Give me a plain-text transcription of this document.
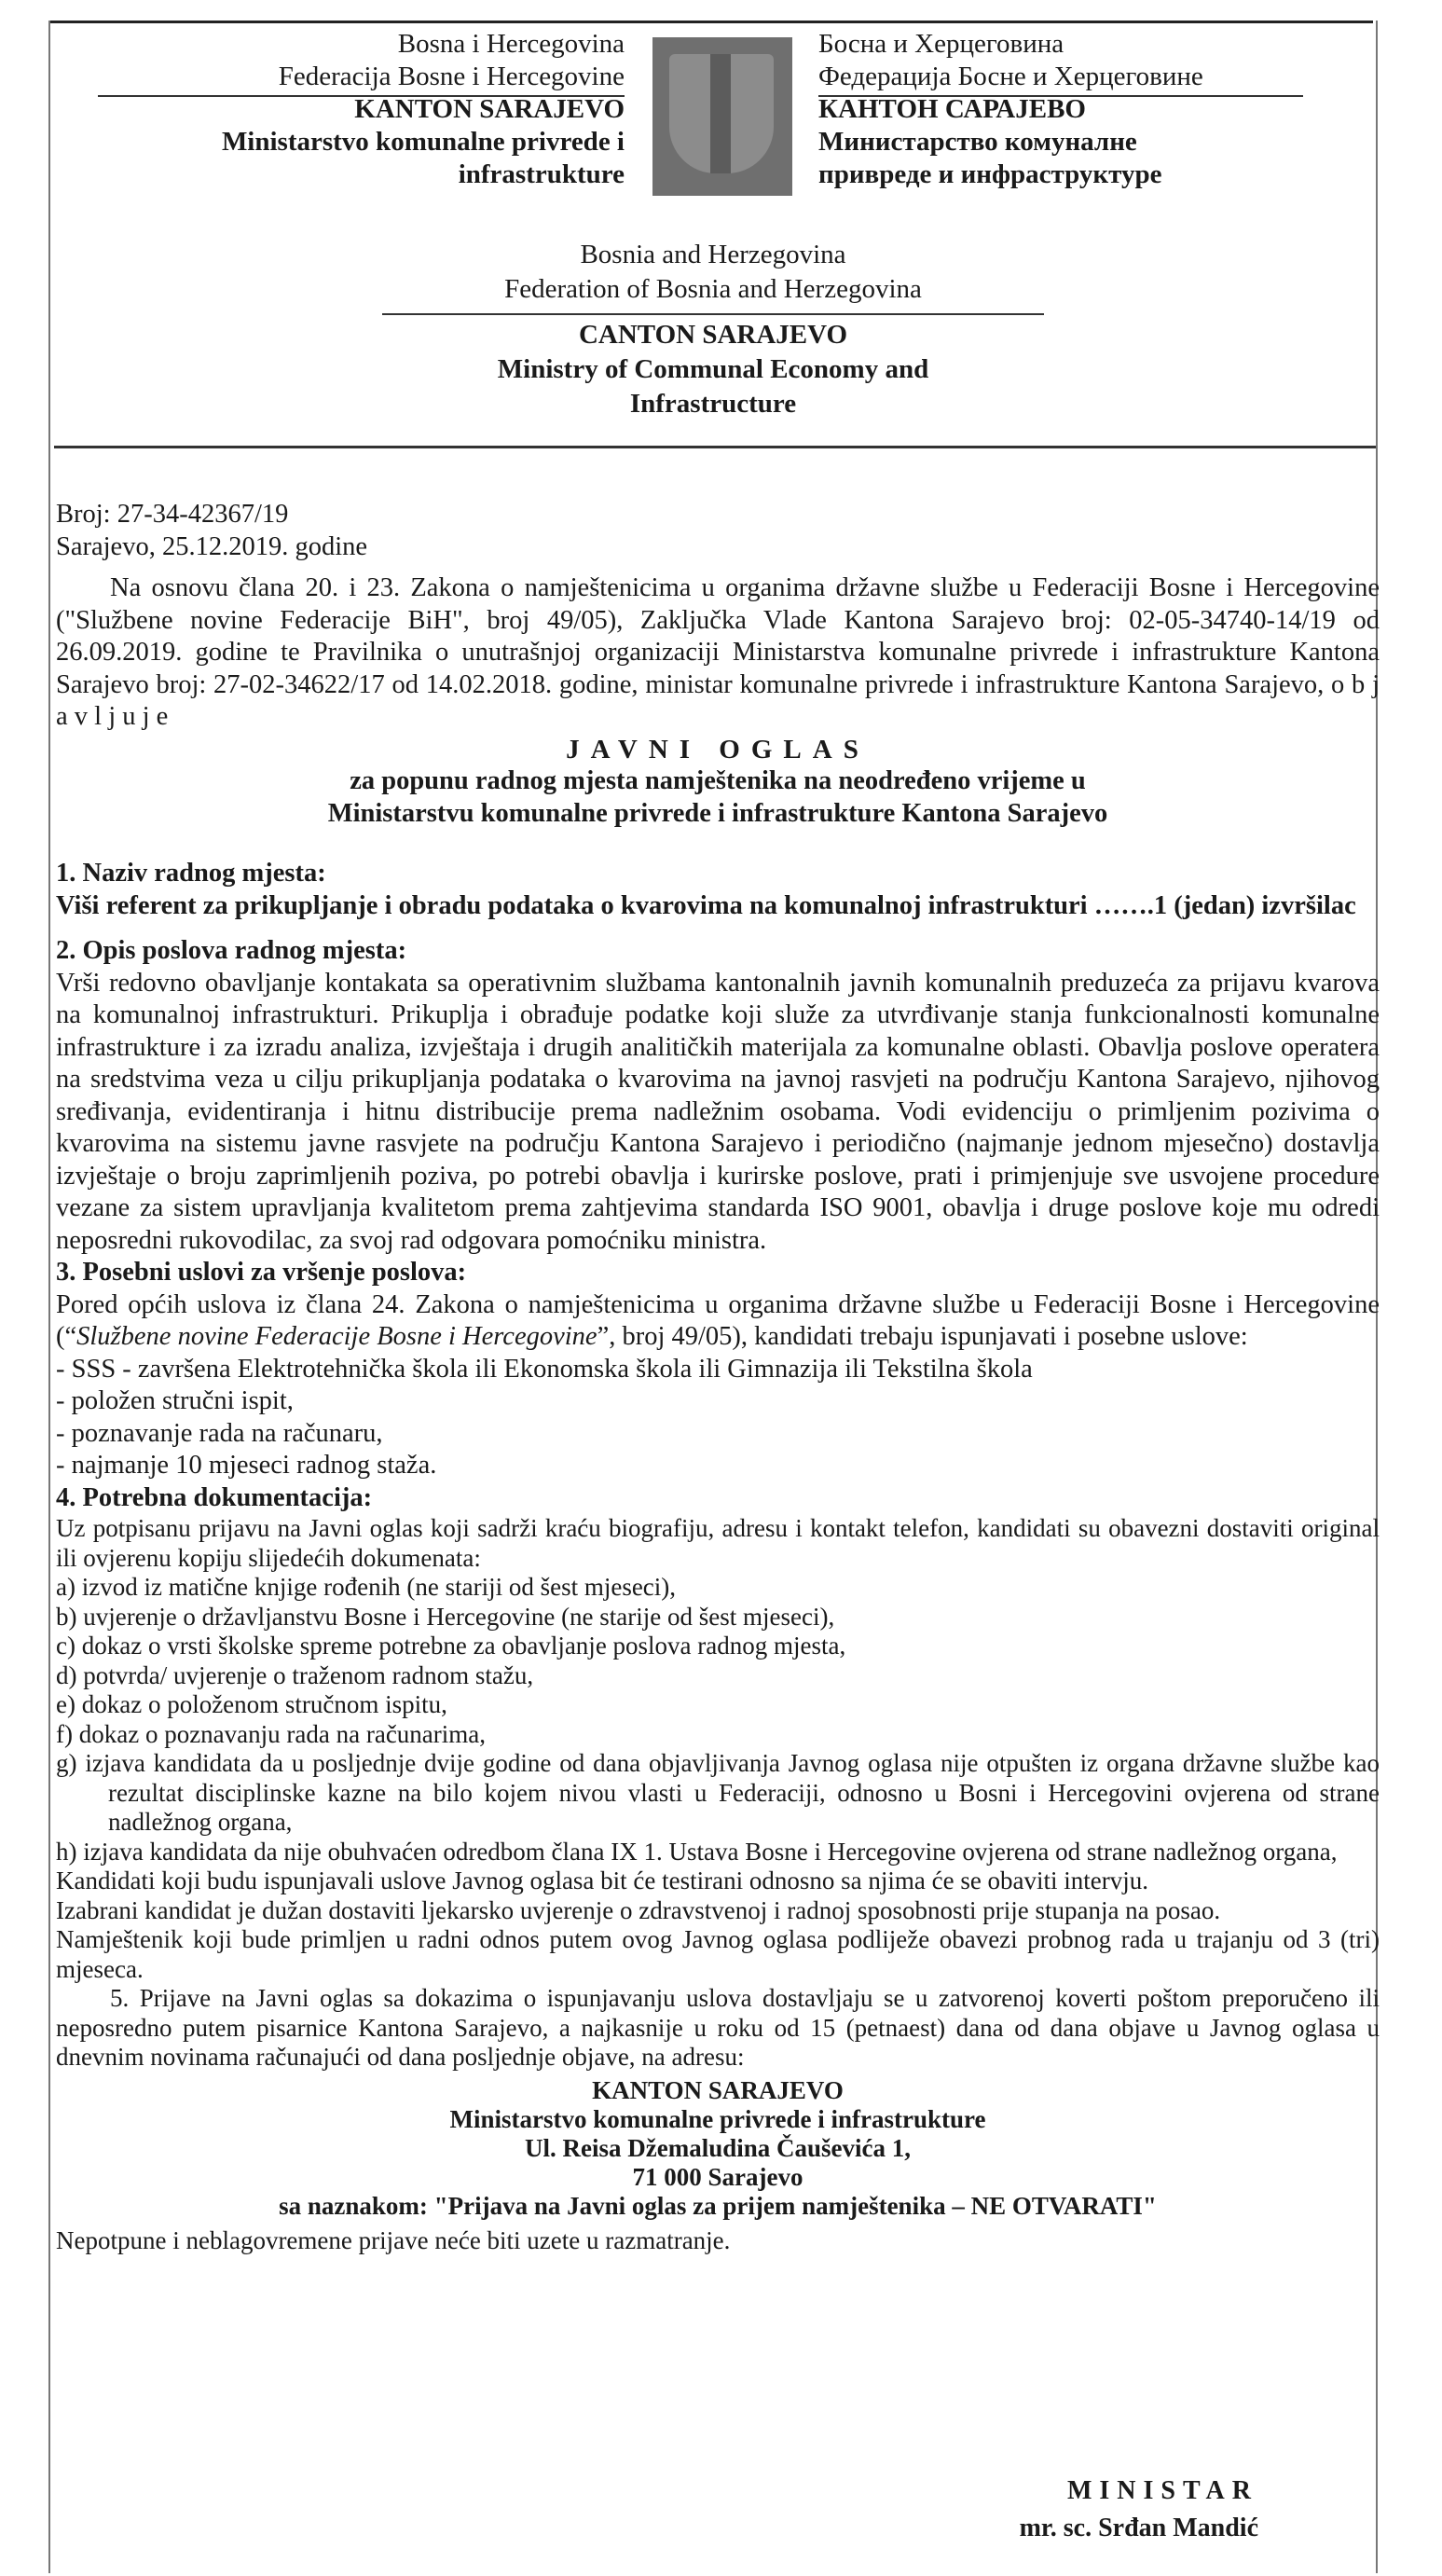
Bosna i Hercegovina
Federacija Bosne i Hercegovine
KANTON SARAJEVO
Ministarstvo komunalne privrede i
infrastrukture
Босна и Херцеговина
Федерација Босне и Херцеговине
КАНТОН САРАЈЕВО
Министарство комуналне
привреде и инфраструктуре
Bosnia and Herzegovina
Federation of Bosnia and Herzegovina
CANTON SARAJEVO
Ministry of Communal Economy and
Infrastructure

Broj: 27-34-42367/19

Sarajevo, 25.12.2019. godine

Na osnovu člana 20. i 23. Zakona o namještenicima u organima državne službe u Federaciji Bosne i Hercegovine ("Službene novine Federacije BiH", broj 49/05), Zaključka Vlade Kantona Sarajevo broj: 02-05-34740-14/19 od 26.09.2019. godine te Pravilnika o unutrašnjoj organizaciji Ministarstva komunalne privrede i infrastrukture Kantona Sarajevo broj: 27-02-34622/17 od 14.02.2018. godine, ministar komunalne privrede i infrastrukture Kantona Sarajevo, o b j a v l j u j e

JAVNI OGLAS

za popunu radnog mjesta namještenika na neodređeno vrijeme u

Ministarstvu komunalne privrede i infrastrukture Kantona Sarajevo

1. Naziv radnog mjesta:

Viši referent za prikupljanje i obradu podataka o kvarovima na komunalnoj infrastrukturi …….1 (jedan) izvršilac

2. Opis poslova radnog mjesta:

Vrši redovno obavljanje kontakata sa operativnim službama kantonalnih javnih komunalnih preduzeća za prijavu kvarova na komunalnoj infrastrukturi. Prikuplja i obrađuje podatke koji služe za utvrđivanje stanja funkcionalnosti komunalne infrastrukture i za izradu analiza, izvještaja i drugih analitičkih materijala za komunalne oblasti. Obavlja poslove operatera na sredstvima veza u cilju prikupljanja podataka o kvarovima na javnoj rasvjeti na području Kantona Sarajevo, njihovog sređivanja, evidentiranja i hitnu distribucije prema nadležnim osobama. Vodi evidenciju o primljenim pozivima o kvarovima na sistemu javne rasvjete na području Kantona Sarajevo i periodično (najmanje jednom mjesečno) dostavlja izvještaje o broju zaprimljenih poziva, po potrebi obavlja i kurirske poslove, prati i primjenjuje sve usvojene procedure vezane za sistem upravljanja kvalitetom prema zahtjevima standarda ISO 9001, obavlja i druge poslove koje mu odredi neposredni rukovodilac, za svoj rad odgovara pomoćniku ministra.

3. Posebni uslovi za vršenje poslova:

Pored općih uslova iz člana 24. Zakona o namještenicima u organima državne službe u Federaciji Bosne i Hercegovine (“Službene novine Federacije Bosne i Hercegovine”, broj 49/05), kandidati trebaju ispunjavati i posebne uslove:

- SSS - završena Elektrotehnička škola ili Ekonomska škola ili Gimnazija ili Tekstilna škola

- položen stručni ispit,

- poznavanje rada na računaru,

- najmanje 10 mjeseci radnog staža.

4. Potrebna dokumentacija:

Uz potpisanu prijavu na Javni oglas koji sadrži kraću biografiju, adresu i kontakt telefon, kandidati su obavezni dostaviti original ili ovjerenu kopiju slijedećih dokumenata:

a) izvod iz matične knjige rođenih (ne stariji od šest mjeseci),

b) uvjerenje o državljanstvu Bosne i Hercegovine (ne starije od šest mjeseci),

c) dokaz o vrsti školske spreme potrebne za obavljanje poslova radnog mjesta,

d) potvrda/ uvjerenje o traženom radnom stažu,

e) dokaz o položenom stručnom ispitu,

f) dokaz o poznavanju rada na računarima,

g) izjava kandidata da u posljednje dvije godine od dana objavljivanja Javnog oglasa nije otpušten iz organa državne službe kao rezultat disciplinske kazne na bilo kojem nivou vlasti u Federaciji, odnosno u Bosni i Hercegovini ovjerena od strane nadležnog organa,

h) izjava kandidata da nije obuhvaćen odredbom člana IX 1. Ustava Bosne i Hercegovine ovjerena od strane nadležnog organa,

Kandidati koji budu ispunjavali uslove Javnog oglasa bit će testirani odnosno sa njima će se obaviti intervju.

Izabrani kandidat je dužan dostaviti ljekarsko uvjerenje o zdravstvenoj i radnoj sposobnosti prije stupanja na posao.

Namještenik koji bude primljen u radni odnos putem ovog Javnog oglasa podliježe obavezi probnog rada u trajanju od 3 (tri) mjeseca.

5. Prijave na Javni oglas sa dokazima o ispunjavanju uslova dostavljaju se u zatvorenoj koverti poštom preporučeno ili neposredno putem pisarnice Kantona Sarajevo, a najkasnije u roku od 15 (petnaest) dana od dana objave u Javnog oglasa u dnevnim novinama računajući od dana posljednje objave, na adresu:

KANTON SARAJEVO

Ministarstvo komunalne privrede i infrastrukture

Ul. Reisa Džemaludina Čauševića 1,

71 000 Sarajevo

sa naznakom: "Prijava na Javni oglas za prijem namještenika – NE OTVARATI"

Nepotpune i neblagovremene prijave neće biti uzete u razmatranje.

MINISTAR
mr. sc. Srđan Mandić
